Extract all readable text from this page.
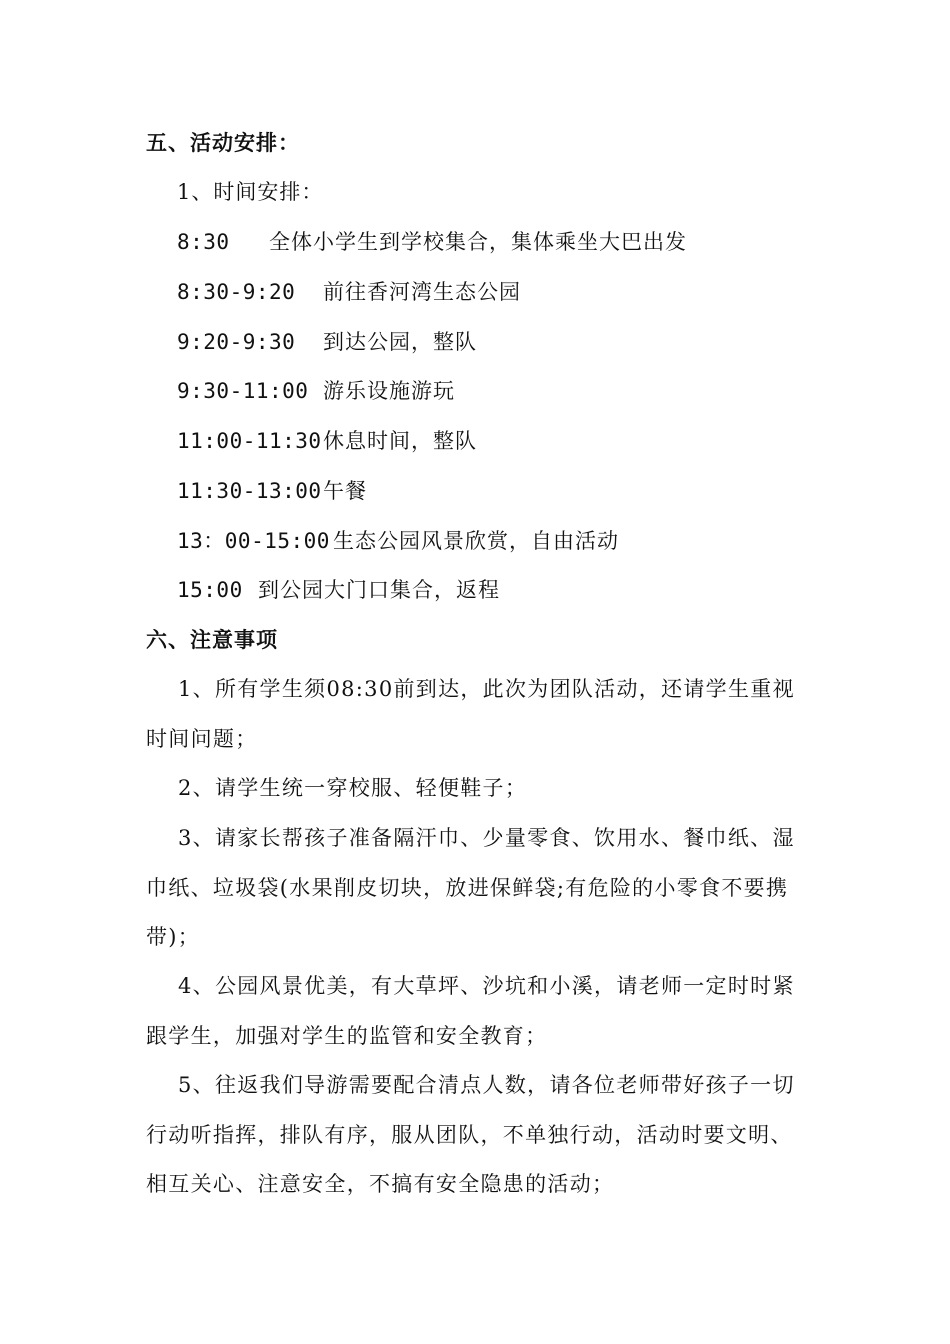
五、活动安排：
1、时间安排：
8:30 全体小学生到学校集合，集体乘坐大巴出发
8:30-9:20 前往香河湾生态公园
9:20-9:30 到达公园，整队
9:30-11:00 游乐设施游玩
11:00-11:30休息时间，整队
11:30-13:00午餐
13：00-15:00 生态公园风景欣赏，自由活动
15:00 到公园大门口集合，返程
六、注意事项
1、所有学生须08:30前到达，此次为团队活动，还请学生重视时间问题；
2、请学生统一穿校服、轻便鞋子；
3、请家长帮孩子准备隔汗巾、少量零食、饮用水、餐巾纸、湿巾纸、垃圾袋(水果削皮切块，放进保鲜袋;有危险的小零食不要携带)；
4、公园风景优美，有大草坪、沙坑和小溪，请老师一定时时紧跟学生，加强对学生的监管和安全教育；
5、往返我们导游需要配合清点人数，请各位老师带好孩子一切行动听指挥，排队有序，服从团队，不单独行动，活动时要文明、相互关心、注意安全，不搞有安全隐患的活动；
